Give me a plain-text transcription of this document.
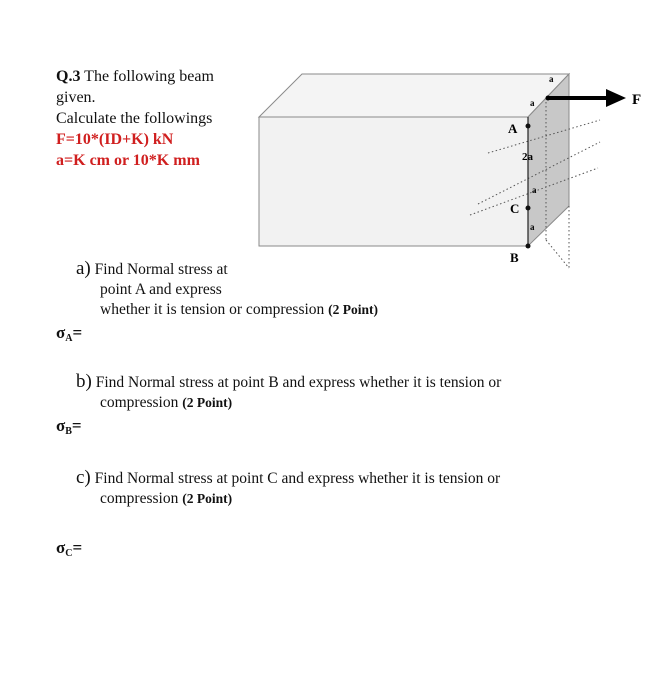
Q.3 The following beam
given.
Calculate the followings
F=10*(ID+K) kN
a=K cm or 10*K mm
F
A
C
B
a
a
2a
a
a
a) Find Normal stress at
point A and express
whether it is tension or compression (2 Point)
$\sigma_A=$
b) Find Normal stress at point B and express whether it is tension or
compression (2 Point)
$\sigma_B=$
c) Find Normal stress at point C and express whether it is tension or
compression (2 Point)
$\sigma_C=$
